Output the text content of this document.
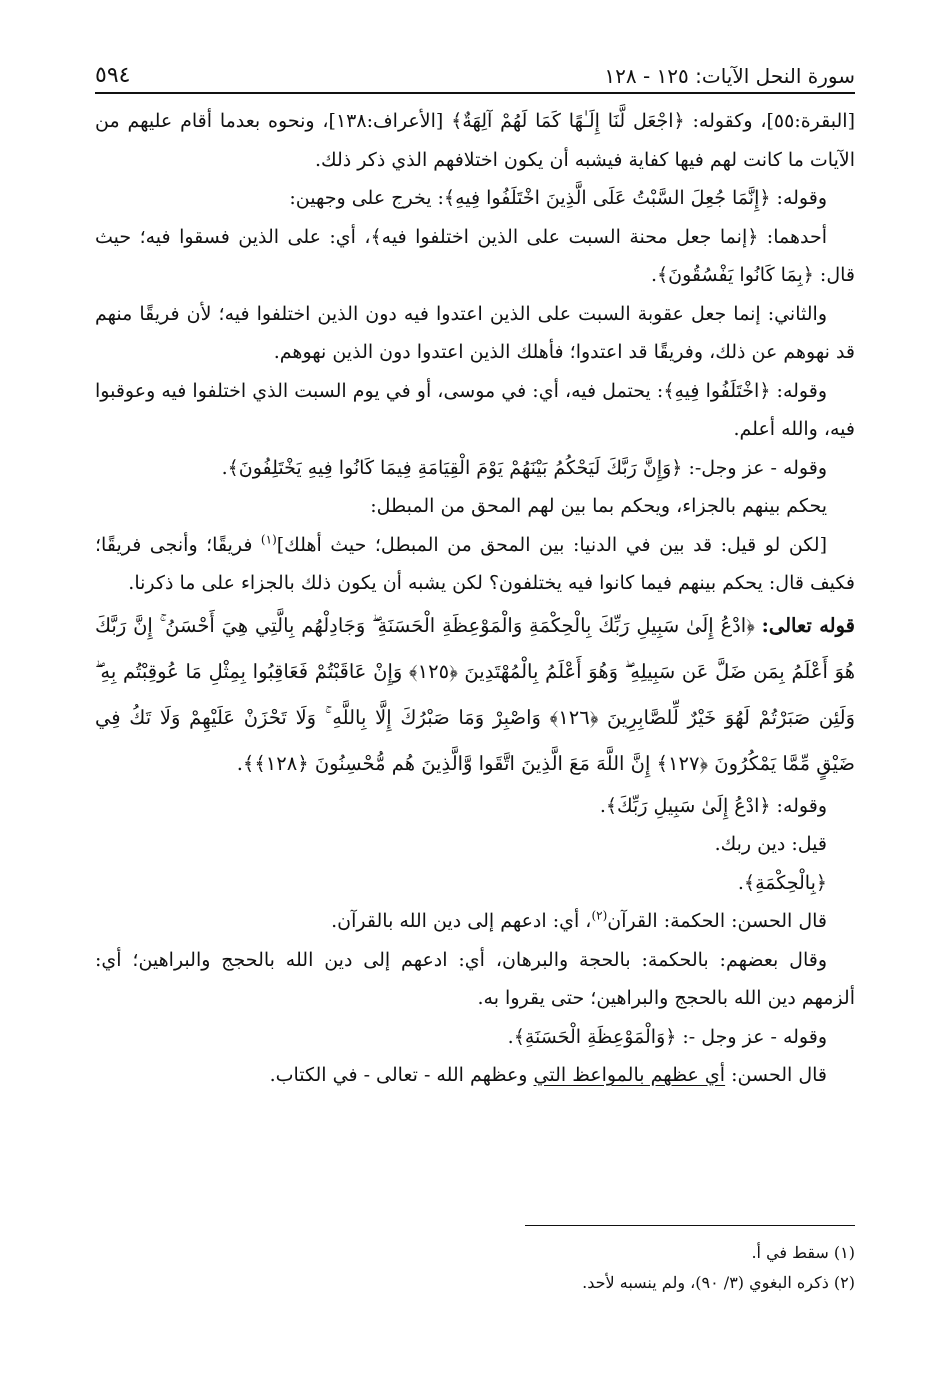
سورة النحل الآيات: ١٢٥ - ١٢٨
٥٩٤

[البقرة:٥٥]، وكقوله: ﴿اجْعَل لَّنَا إِلَـٰهًا كَمَا لَهُمْ آلِهَةٌ﴾ [الأعراف:١٣٨]، ونحوه بعدما أقام عليهم من الآيات ما كانت لهم فيها كفاية فيشبه أن يكون اختلافهم الذي ذكر ذلك.

وقوله: ﴿إِنَّمَا جُعِلَ السَّبْتُ عَلَى الَّذِينَ اخْتَلَفُوا فِيهِ﴾: يخرج على وجهين:

أحدهما: ﴿إنما جعل محنة السبت على الذين اختلفوا فيه﴾، أي: على الذين فسقوا فيه؛ حيث قال: ﴿بِمَا كَانُوا يَفْسُقُونَ﴾.

والثاني: إنما جعل عقوبة السبت على الذين اعتدوا فيه دون الذين اختلفوا فيه؛ لأن فريقًا منهم قد نهوهم عن ذلك، وفريقًا قد اعتدوا؛ فأهلك الذين اعتدوا دون الذين نهوهم.

وقوله: ﴿اخْتَلَفُوا فِيهِ﴾: يحتمل فيه، أي: في موسى، أو في يوم السبت الذي اختلفوا فيه وعوقبوا فيه، والله أعلم.

وقوله - عز وجل-: ﴿وَإِنَّ رَبَّكَ لَيَحْكُمُ بَيْنَهُمْ يَوْمَ الْقِيَامَةِ فِيمَا كَانُوا فِيهِ يَخْتَلِفُونَ﴾.

يحكم بينهم بالجزاء، ويحكم بما بين لهم المحق من المبطل:

[لكن لو قيل: قد بين في الدنيا: بين المحق من المبطل؛ حيث أهلك]$^{(١)}$ فريقًا؛ وأنجى فريقًا؛ فكيف قال: يحكم بينهم فيما كانوا فيه يختلفون؟ لكن يشبه أن يكون ذلك بالجزاء على ما ذكرنا.

قوله تعالى: ﴿ادْعُ إِلَىٰ سَبِيلِ رَبِّكَ بِالْحِكْمَةِ وَالْمَوْعِظَةِ الْحَسَنَةِ ۖ وَجَادِلْهُم بِالَّتِي هِيَ أَحْسَنُ ۚ إِنَّ رَبَّكَ هُوَ أَعْلَمُ بِمَن ضَلَّ عَن سَبِيلِهِ ۖ وَهُوَ أَعْلَمُ بِالْمُهْتَدِينَ ﴿١٢٥﴾ وَإِنْ عَاقَبْتُمْ فَعَاقِبُوا بِمِثْلِ مَا عُوقِبْتُم بِهِ ۖ وَلَئِن صَبَرْتُمْ لَهُوَ خَيْرٌ لِّلصَّابِرِينَ ﴿١٢٦﴾ وَاصْبِرْ وَمَا صَبْرُكَ إِلَّا بِاللَّهِ ۚ وَلَا تَحْزَنْ عَلَيْهِمْ وَلَا تَكُ فِي ضَيْقٍ مِّمَّا يَمْكُرُونَ ﴿١٢٧﴾ إِنَّ اللَّهَ مَعَ الَّذِينَ اتَّقَوا وَّالَّذِينَ هُم مُّحْسِنُونَ ﴿١٢٨﴾﴾.

وقوله: ﴿ادْعُ إِلَىٰ سَبِيلِ رَبِّكَ﴾.

قيل: دين ربك.

﴿بِالْحِكْمَةِ﴾.

قال الحسن: الحكمة: القرآن$^{(٢)}$، أي: ادعهم إلى دين الله بالقرآن.

وقال بعضهم: بالحكمة: بالحجة والبرهان، أي: ادعهم إلى دين الله بالحجج والبراهين؛ أي: ألزمهم دين الله بالحجج والبراهين؛ حتى يقروا به.

وقوله - عز وجل -: ﴿وَالْمَوْعِظَةِ الْحَسَنَةِ﴾.

قال الحسن: أي عظهم بالمواعظ التي وعظهم الله - تعالى - في الكتاب.

(١) سقط في أ.
(٢) ذكره البغوي (٣/ ٩٠)، ولم ينسبه لأحد.
